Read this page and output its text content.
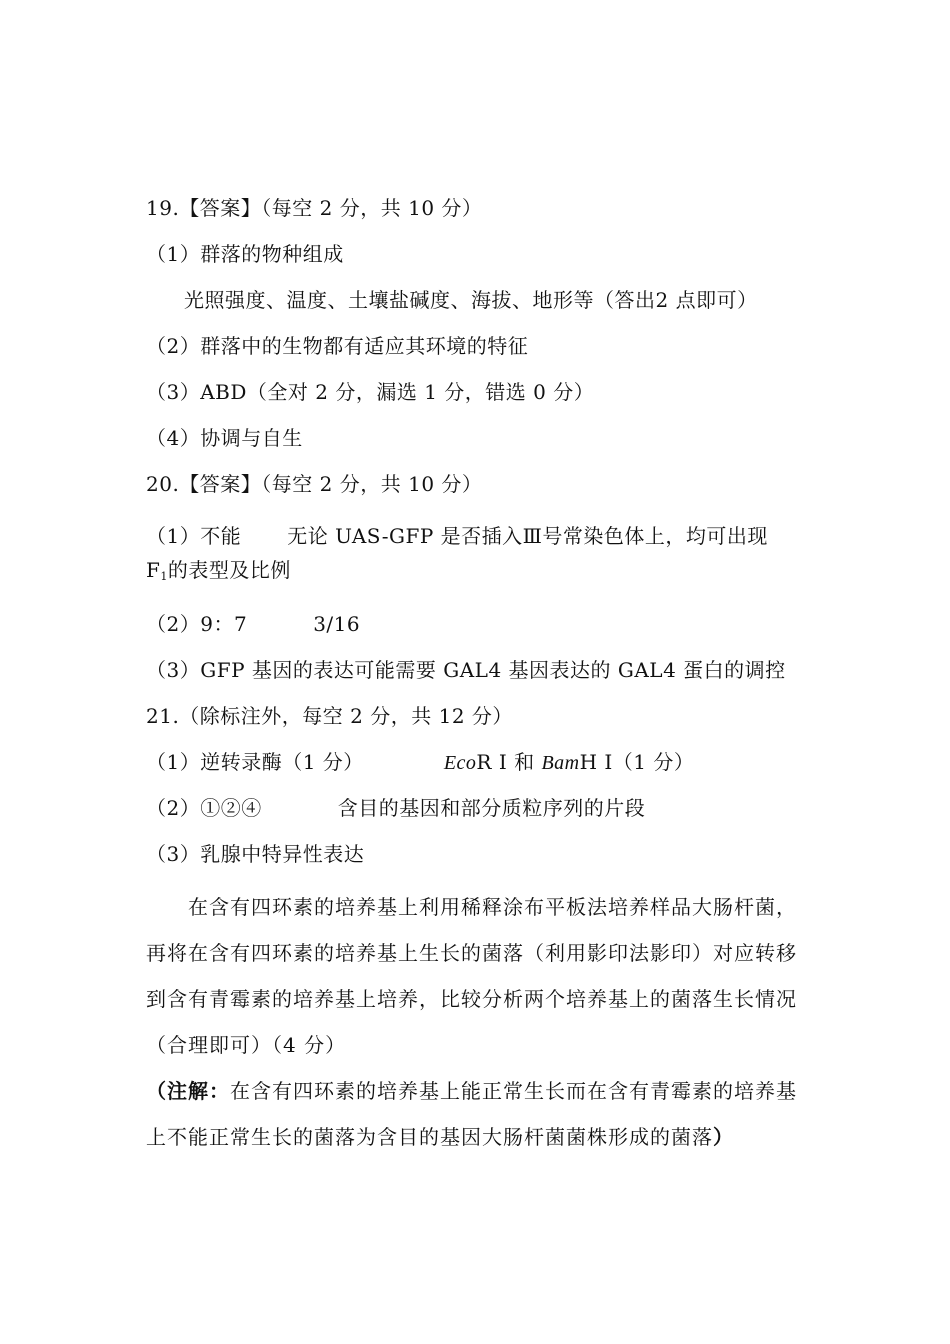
19.【答案】（每空 2 分，共 10 分）
（1）群落的物种组成
光照强度、温度、土壤盐碱度、海拔、地形等（答出2 点即可）
（2）群落中的生物都有适应其环境的特征
（3）ABD（全对 2 分，漏选 1 分，错选 0 分）
（4）协调与自生
20.【答案】（每空 2 分，共 10 分）
（1）不能 无论 UAS-GFP 是否插入Ⅲ号常染色体上，均可出现
$F_1$的表型及比例
（2）9：7	3/16
（3）GFP 基因的表达可能需要 GAL4 基因表达的 GAL4 蛋白的调控
21.（除标注外，每空 2 分，共 12 分）
（1）逆转录酶（1 分）	EcoR Ⅰ 和 BamH Ⅰ（1 分）
（2）①②④	含目的基因和部分质粒序列的片段
（3）乳腺中特异性表达
在含有四环素的培养基上利用稀释涂布平板法培养样品大肠杆菌，再将在含有四环素的培养基上生长的菌落（利用影印法影印）对应转移到含有青霉素的培养基上培养，比较分析两个培养基上的菌落生长情况（合理即可）（4 分）
（注解：在含有四环素的培养基上能正常生长而在含有青霉素的培养基上不能正常生长的菌落为含目的基因大肠杆菌菌株形成的菌落）
